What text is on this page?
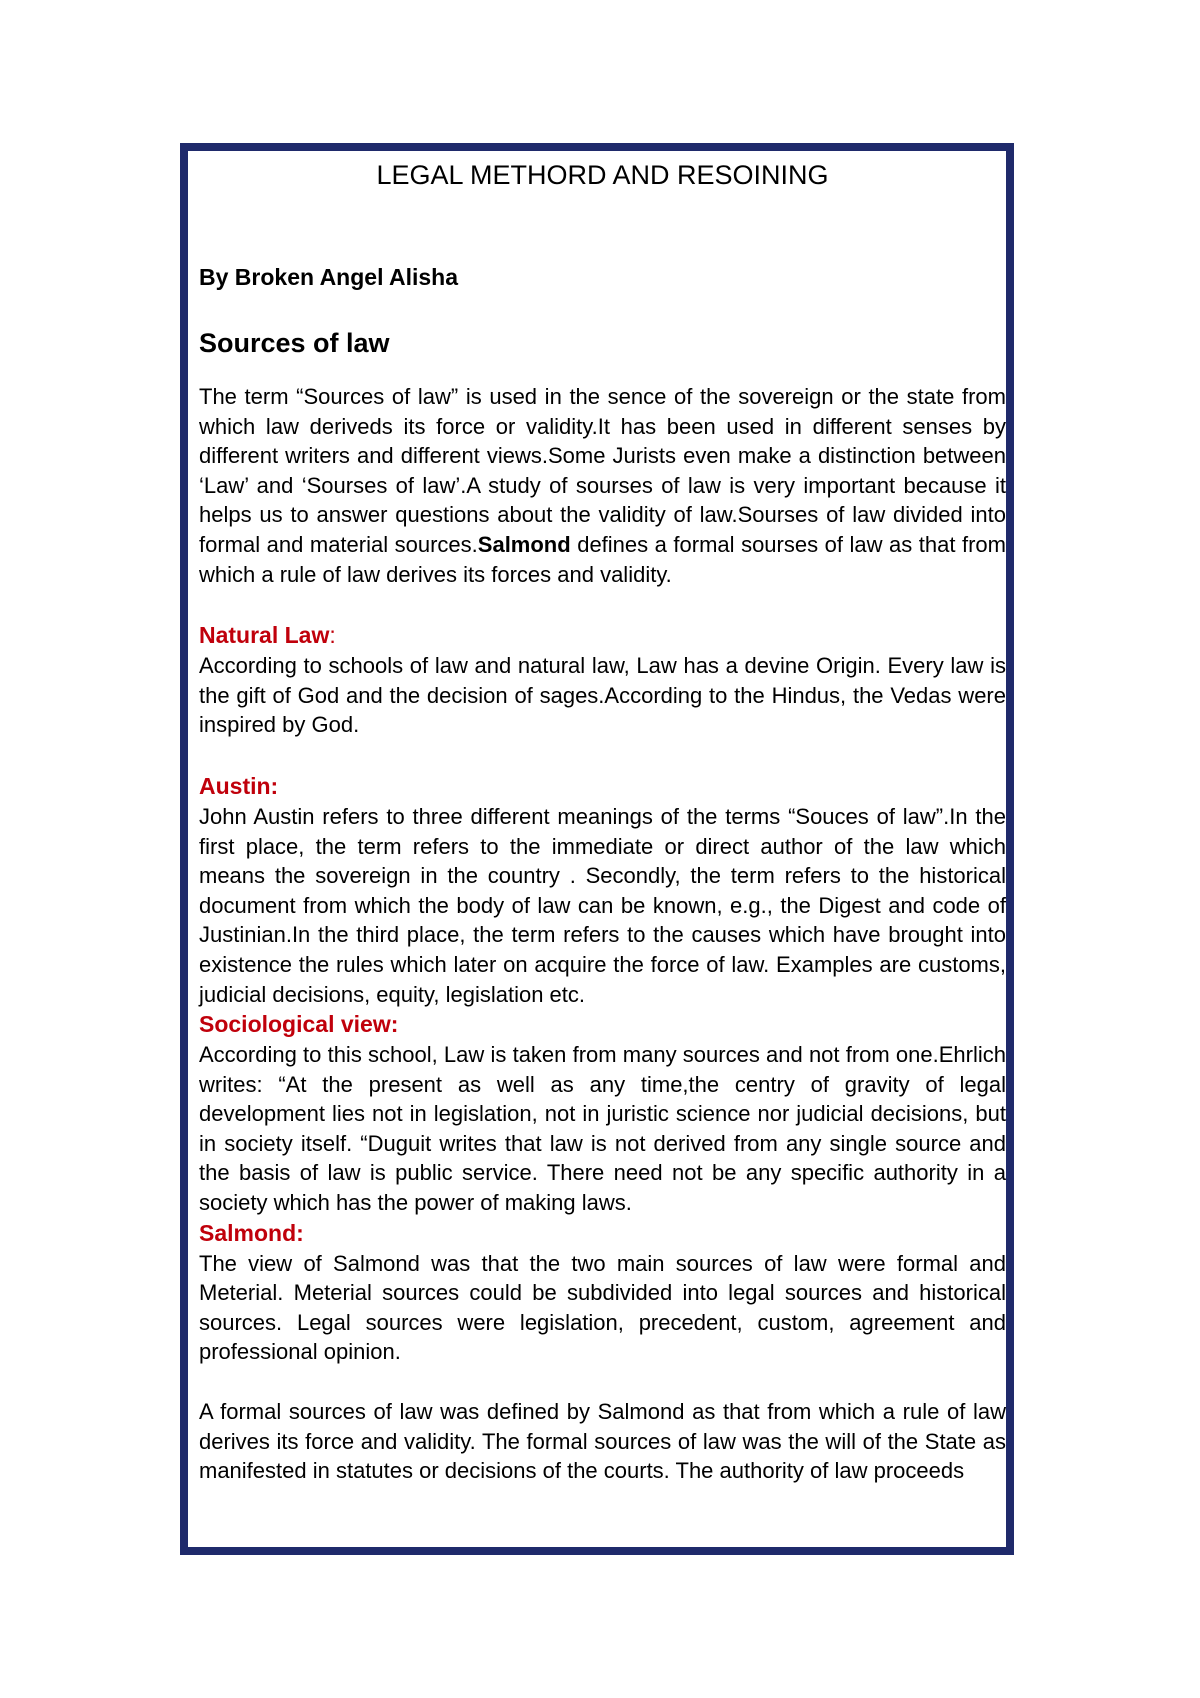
LEGAL METHORD AND RESOINING

By Broken Angel Alisha

Sources of law

The term “Sources of law” is used in the sence of the sovereign or the state from which law deriveds its force or validity.It has been used in different senses by different writers and different views.Some Jurists even make a distinction between ‘Law’ and ‘Sourses of law’.A study of sourses of law is very important because it helps us to answer questions about the validity of law.Sourses of law divided into formal and material sources.Salmond defines a formal sourses of law as that from which a rule of law derives its forces and validity.

Natural Law:

According to schools of law and natural law, Law has a devine Origin. Every law is the gift of God and the decision of sages.According to the Hindus, the Vedas were inspired by God.

Austin:

John Austin refers to three different meanings of the terms “Souces of law”.In the first place, the term refers to the immediate or direct author of the law which means the sovereign in the country . Secondly, the term refers to the historical document from which the body of law can be known, e.g., the Digest and code of Justinian.In the third place, the term refers to the causes which have brought into existence the rules which later on acquire the force of law. Examples are customs, judicial decisions, equity, legislation etc.

Sociological view:

According to this school, Law is taken from many sources and not from one.Ehrlich writes: “At the present as well as any time,the centry of gravity of legal development lies not in legislation, not in juristic science nor judicial decisions, but in society itself. “Duguit writes that law is not derived from any single source and the basis of law is public service. There need not be any specific authority in a society which has the power of making laws.

Salmond:

The view of Salmond was that the two main sources of law were formal and Meterial. Meterial sources could be subdivided into legal sources and historical sources. Legal sources were legislation, precedent, custom, agreement and professional opinion.

A formal sources of law was defined by Salmond as that from which a rule of law derives its force and validity. The formal sources of law was the will of the State as manifested in statutes or decisions of the courts. The authority of law proceeds
